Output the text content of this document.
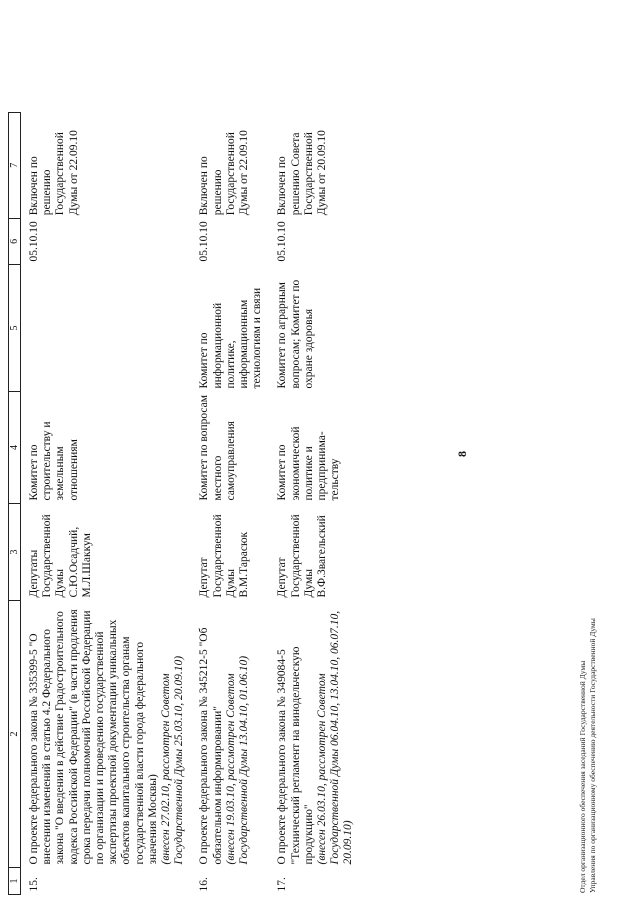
8
1	2	3	4	5	6	7
15.	О проекте федерального закона № 335399-5 "О внесении изменений в статью 4.2 Федерального закона "О введении в действие Градостроительного кодекса Российской Федерации" (в части продления срока передачи полномочий Российской Федерации по организации и проведению государственной экспертизы проектной документации уникальных объектов капитального строительства органам государственной власти города федерального значения Москвы) (внесен 27.02.10, рассмотрен Советом Государственной Думы 25.03.10, 20.09.10)	Депутаты Государственной Думы С.Ю.Осадчий, М.Л.Шаккум	Комитет по строительству и земельным отношениям		05.10.10	Включен по решению Государственной Думы от 22.09.10
16.	О проекте федерального закона № 345212-5 "Об обязательном информировании" (внесен 19.03.10, рассмотрен Советом Государственной Думы 13.04.10, 01.06.10)	Депутат Государственной Думы В.М.Тарасюк	Комитет по вопросам местного самоуправления	Комитет по информационной политике, информационным технологиям и связи	05.10.10	Включен по решению Государственной Думы от 22.09.10
17.	О проекте федерального закона № 349084-5 "Технический регламент на винодельческую продукцию" (внесен 26.03.10, рассмотрен Советом Государственной Думы 06.04.10, 13.04.10, 06.07.10, 20.09.10)	Депутат Государственной Думы В.Ф.Звагельский	Комитет по экономической политике и предпринима-тельству	Комитет по аграрным вопросам; Комитет по охране здоровья	05.10.10	Включен по решению Совета Государственной Думы от 20.09.10
Отдел организационного обеспечения заседаний Государственной Думы Управления по организационному обеспечению деятельности Государственной Думы
